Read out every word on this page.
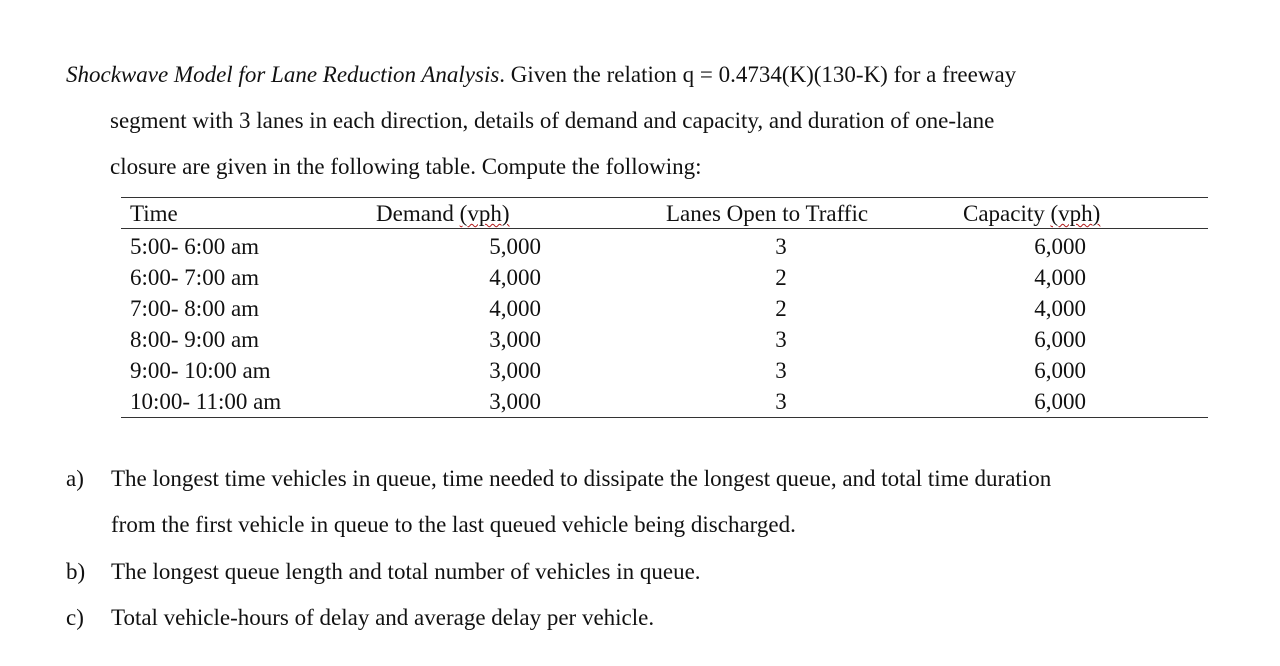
Shockwave Model for Lane Reduction Analysis. Given the relation q = 0.4734(K)(130-K) for a freeway
segment with 3 lanes in each direction, details of demand and capacity, and duration of one-lane
closure are given in the following table. Compute the following:
Time	Demand (vph)	Lanes Open to Traffic	Capacity (vph)
5:00- 6:00 am	5,000	3	6,000
6:00- 7:00 am	4,000	2	4,000
7:00- 8:00 am	4,000	2	4,000
8:00- 9:00 am	3,000	3	6,000
9:00- 10:00 am	3,000	3	6,000
10:00- 11:00 am	3,000	3	6,000
a) The longest time vehicles in queue, time needed to dissipate the longest queue, and total time duration
from the first vehicle in queue to the last queued vehicle being discharged.
b) The longest queue length and total number of vehicles in queue.
c) Total vehicle-hours of delay and average delay per vehicle.
